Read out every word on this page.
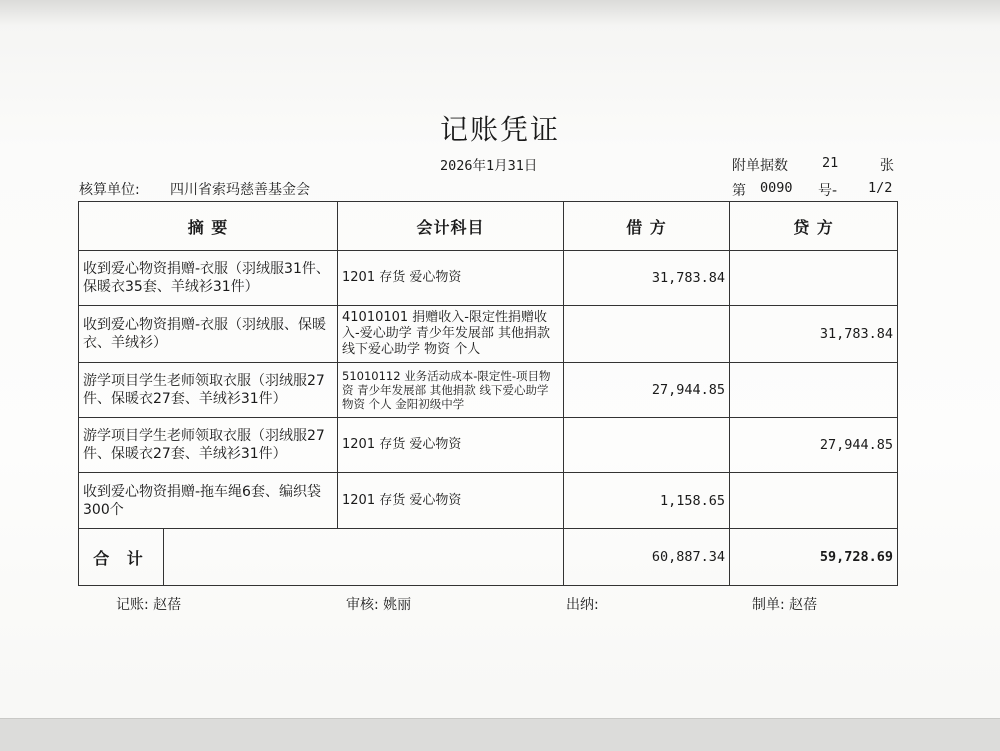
记账凭证
2026年1月31日	附单据数	21	张
核算单位: 四川省索玛慈善基金会	第 0090 号- 1/2
摘 要	会计科目	借 方	贷 方
收到爱心物资捐赠-衣服（羽绒服31件、保暖衣35套、羊绒衫31件）	1201 存货 爱心物资	31,783.84	
收到爱心物资捐赠-衣服（羽绒服、保暖衣、羊绒衫）	41010101 捐赠收入-限定性捐赠收入-爱心助学 青少年发展部 其他捐款 线下爱心助学 物资 个人		31,783.84
游学项目学生老师领取衣服（羽绒服27件、保暖衣27套、羊绒衫31件）	51010112 业务活动成本-限定性-项目物资 青少年发展部 其他捐款 线下爱心助学 物资 个人 金阳初级中学	27,944.85	
游学项目学生老师领取衣服（羽绒服27件、保暖衣27套、羊绒衫31件）	1201 存货 爱心物资		27,944.85
收到爱心物资捐赠-拖车绳6套、编织袋300个	1201 存货 爱心物资	1,158.65	

合 计		60,887.34	59,728.69
记账: 赵蓓	审核: 姚丽	出纳:	制单: 赵蓓
